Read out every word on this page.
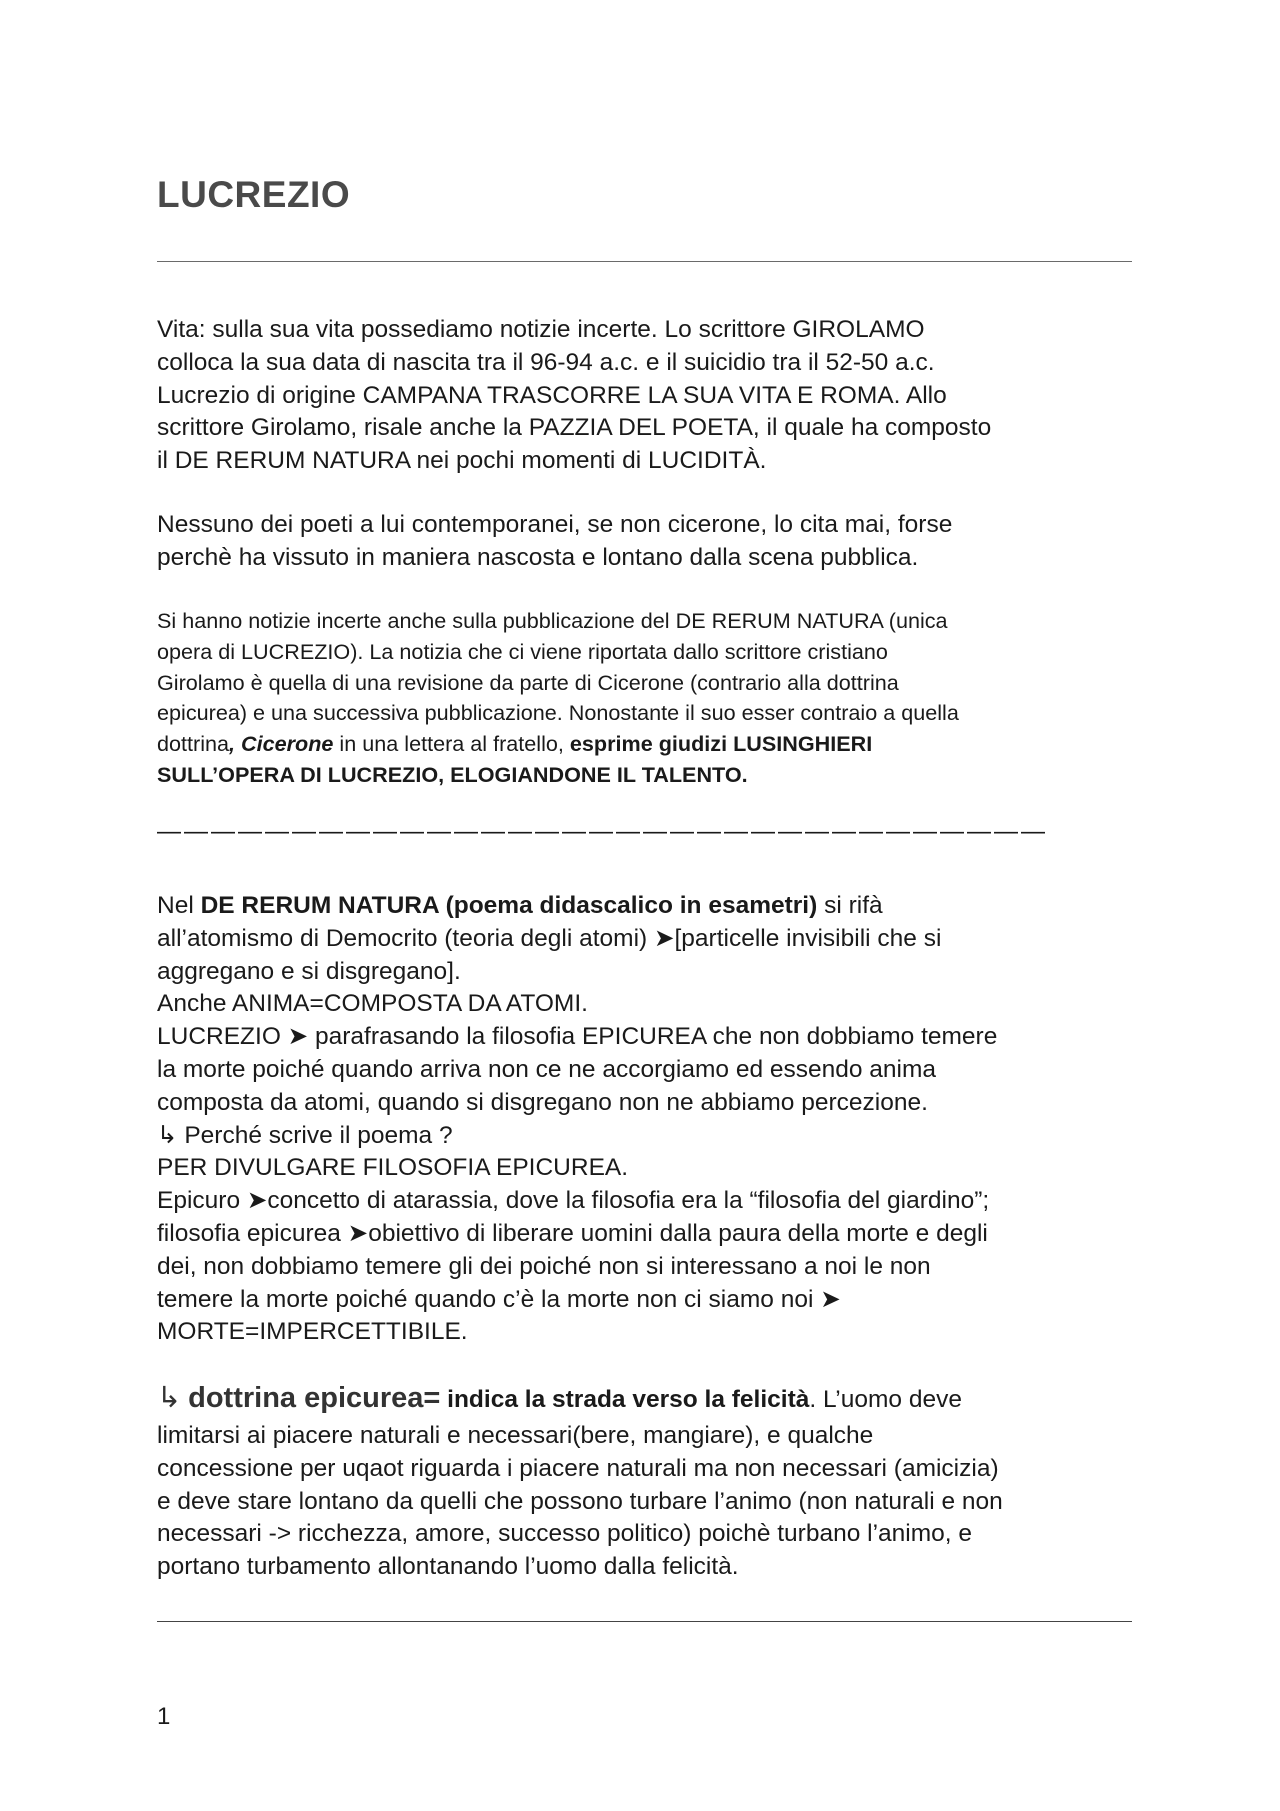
LUCREZIO
Vita: sulla sua vita possediamo notizie incerte. Lo scrittore GIROLAMO
colloca la sua data di nascita tra il 96-94 a.c. e il suicidio tra il 52-50 a.c.
Lucrezio di origine CAMPANA TRASCORRE LA SUA VITA E ROMA. Allo
scrittore Girolamo, risale anche la PAZZIA DEL POETA, il quale ha composto
il DE RERUM NATURA nei pochi momenti di LUCIDITÀ.
Nessuno dei poeti a lui contemporanei, se non cicerone, lo cita mai, forse
perchè ha vissuto in maniera nascosta e lontano dalla scena pubblica.
Si hanno notizie incerte anche sulla pubblicazione del DE RERUM NATURA (unica
opera di LUCREZIO). La notizia che ci viene riportata dallo scrittore cristiano
Girolamo è quella di una revisione da parte di Cicerone (contrario alla dottrina
epicurea) e una successiva pubblicazione. Nonostante il suo esser contraio a quella
dottrina, Cicerone in una lettera al fratello, esprime giudizi LUSINGHIERI
SULL’OPERA DI LUCREZIO, ELOGIANDONE IL TALENTO.
—————————————————————————————————
Nel DE RERUM NATURA (poema didascalico in esametri) si rifà
all’atomismo di Democrito (teoria degli atomi) ➤[particelle invisibili che si
aggregano e si disgregano].
Anche ANIMA=COMPOSTA DA ATOMI.
LUCREZIO ➤ parafrasando la filosofia EPICUREA che non dobbiamo temere
la morte poiché quando arriva non ce ne accorgiamo ed essendo anima
composta da atomi, quando si disgregano non ne abbiamo percezione.
↳ Perché scrive il poema ?
PER DIVULGARE FILOSOFIA EPICUREA.
Epicuro ➤concetto di atarassia, dove la filosofia era la “filosofia del giardino”;
filosofia epicurea ➤obiettivo di liberare uomini dalla paura della morte e degli
dei, non dobbiamo temere gli dei poiché non si interessano a noi le non
temere la morte poiché quando c’è la morte non ci siamo noi ➤
MORTE=IMPERCETTIBILE.
↳ dottrina epicurea= indica la strada verso la felicità. L’uomo deve
limitarsi ai piacere naturali e necessari(bere, mangiare), e qualche
concessione per uqaot riguarda i piacere naturali ma non necessari (amicizia)
e deve stare lontano da quelli che possono turbare l’animo (non naturali e non
necessari -> ricchezza, amore, successo politico) poichè turbano l’animo, e
portano turbamento allontanando l’uomo dalla felicità.
1
